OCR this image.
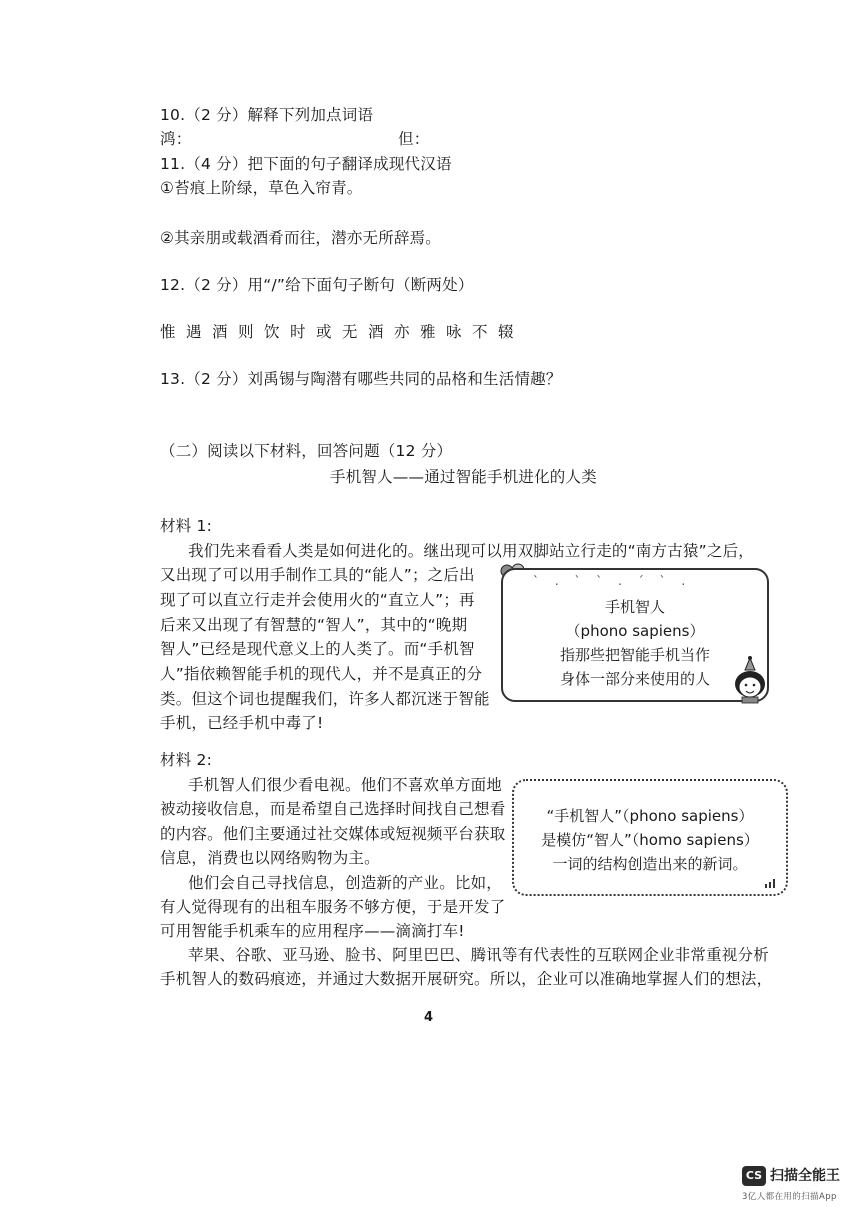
10.（2 分）解释下列加点词语
鸿：	但：
11.（4 分）把下面的句子翻译成现代汉语
①苔痕上阶绿，草色入帘青。
②其亲朋或载酒肴而往，潜亦无所辞焉。
12.（2 分）用“/”给下面句子断句（断两处）
惟遇酒则饮时或无酒亦雅咏不辍
13.（2 分）刘禹锡与陶潜有哪些共同的品格和生活情趣？
（二）阅读以下材料，回答问题（12 分）
手机智人——通过智能手机进化的人类
材料 1:
我们先来看看人类是如何进化的。继出现可以用双脚站立行走的“南方古猿”之后，
又出现了可以用手制作工具的“能人”；之后出
现了可以直立行走并会使用火的“直立人”；再
后来又出现了有智慧的“智人”，其中的“晚期
智人”已经是现代意义上的人类了。而“手机智
人”指依赖智能手机的现代人，并不是真正的分
类。但这个词也提醒我们，许多人都沉迷于智能
手机，已经手机中毒了!
` . ` ` . ´ ` .
手机智人
（phono sapiens）
指那些把智能手机当作
身体一部分来使用的人
材料 2:
手机智人们很少看电视。他们不喜欢单方面地
被动接收信息，而是希望自己选择时间找自己想看
的内容。他们主要通过社交媒体或短视频平台获取
信息，消费也以网络购物为主。
他们会自己寻找信息，创造新的产业。比如，
有人觉得现有的出租车服务不够方便，于是开发了
可用智能手机乘车的应用程序——滴滴打车!
苹果、谷歌、亚马逊、脸书、阿里巴巴、腾讯等有代表性的互联网企业非常重视分析
手机智人的数码痕迹，并通过大数据开展研究。所以，企业可以准确地掌握人们的想法，
“手机智人”（phono sapiens）
是模仿“智人”（homo sapiens）
一词的结构创造出来的新词。
4
CS 扫描全能王
3亿人都在用的扫描App
